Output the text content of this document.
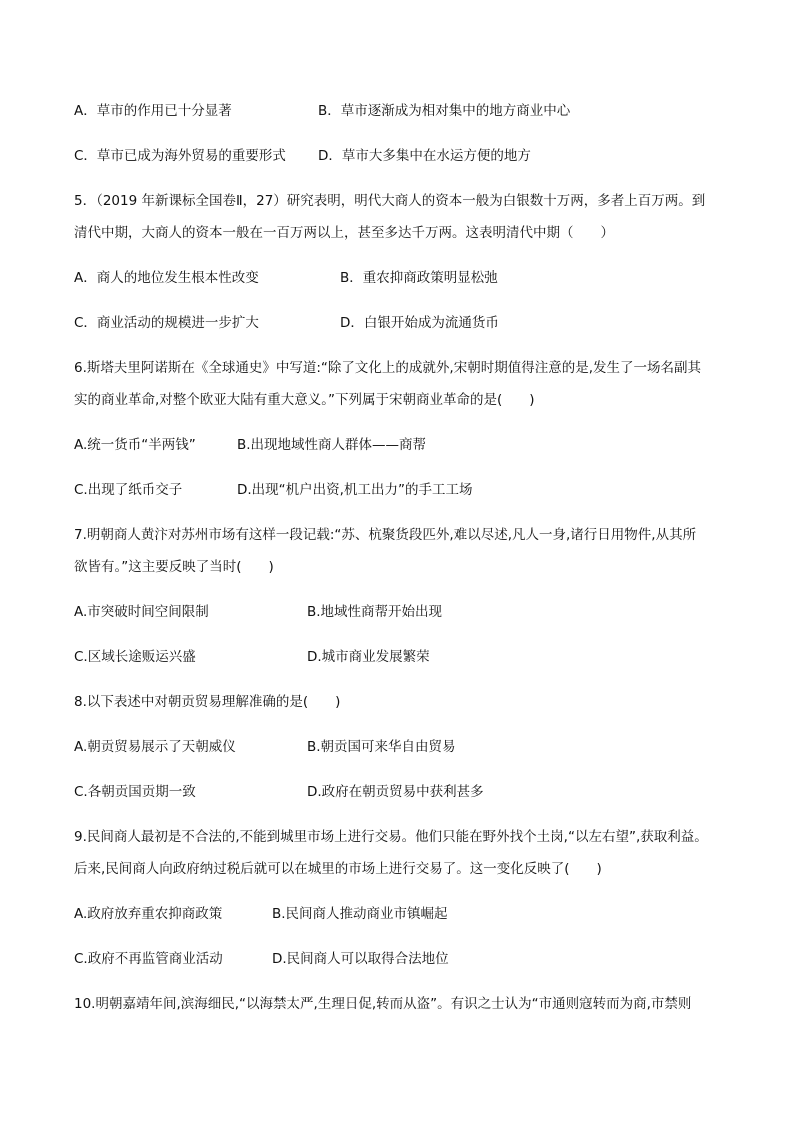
A．草市的作用已十分显著	B．草市逐渐成为相对集中的地方商业中心
C．草市已成为海外贸易的重要形式 D．草市大多集中在水运方便的地方
5．（2019 年新课标全国卷Ⅱ，27）研究表明，明代大商人的资本一般为白银数十万两，多者上百万两。到
清代中期，大商人的资本一般在一百万两以上，甚至多达千万两。这表明清代中期（　　）
A．商人的地位发生根本性改变	B．重农抑商政策明显松弛
C．商业活动的规模进一步扩大	D．白银开始成为流通货币
6.斯塔夫里阿诺斯在《全球通史》中写道:“除了文化上的成就外,宋朝时期值得注意的是,发生了一场名副其
实的商业革命,对整个欧亚大陆有重大意义。”下列属于宋朝商业革命的是(　　)
A.统一货币“半两钱”	B.出现地域性商人群体——商帮
C.出现了纸币交子	D.出现“机户出资,机工出力”的手工工场
7.明朝商人黄汴对苏州市场有这样一段记载:“苏、杭聚货段匹外,难以尽述,凡人一身,诸行日用物件,从其所
欲皆有。”这主要反映了当时(　　)
A.市突破时间空间限制	B.地域性商帮开始出现
C.区域长途贩运兴盛	D.城市商业发展繁荣
8.以下表述中对朝贡贸易理解准确的是(　　)
A.朝贡贸易展示了天朝威仪	B.朝贡国可来华自由贸易
C.各朝贡国贡期一致	D.政府在朝贡贸易中获利甚多
9.民间商人最初是不合法的,不能到城里市场上进行交易。他们只能在野外找个土岗,“以左右望”,获取利益。
后来,民间商人向政府纳过税后就可以在城里的市场上进行交易了。这一变化反映了(　　)
A.政府放弃重农抑商政策	B.民间商人推动商业市镇崛起
C.政府不再监管商业活动	D.民间商人可以取得合法地位
10.明朝嘉靖年间,滨海细民,“以海禁太严,生理日促,转而从盗”。有识之士认为“市通则寇转而为商,市禁则
